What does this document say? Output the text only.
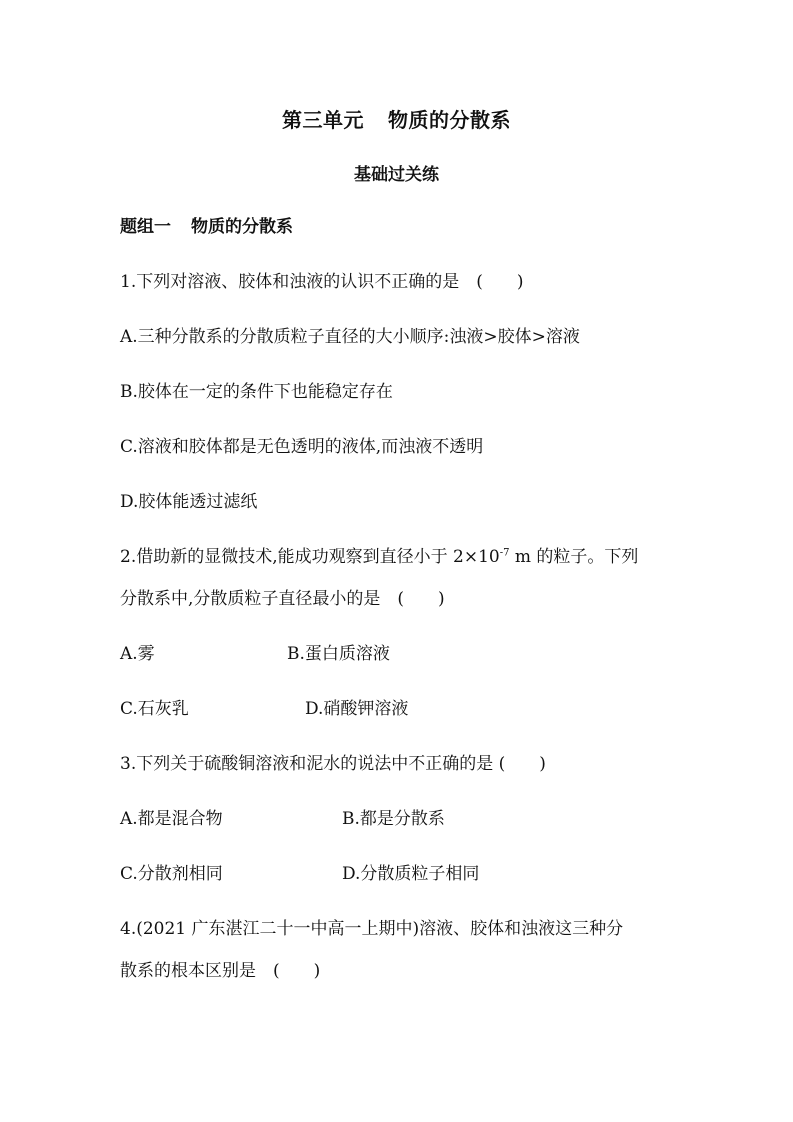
第三单元 物质的分散系
基础过关练
题组一 物质的分散系
1.下列对溶液、胶体和浊液的认识不正确的是　(　　)
A.三种分散系的分散质粒子直径的大小顺序:浊液>胶体>溶液
B.胶体在一定的条件下也能稳定存在
C.溶液和胶体都是无色透明的液体,而浊液不透明
D.胶体能透过滤纸
2.借助新的显微技术,能成功观察到直径小于 $2\times 10^{-7}$ m 的粒子。下列
分散系中,分散质粒子直径最小的是　(　　)
A.雾	B.蛋白质溶液
C.石灰乳	D.硝酸钾溶液
3.下列关于硫酸铜溶液和泥水的说法中不正确的是 (　　)
A.都是混合物	B.都是分散系
C.分散剂相同	D.分散质粒子相同
4.(2021 广东湛江二十一中高一上期中)溶液、胶体和浊液这三种分
散系的根本区别是　(　　)
